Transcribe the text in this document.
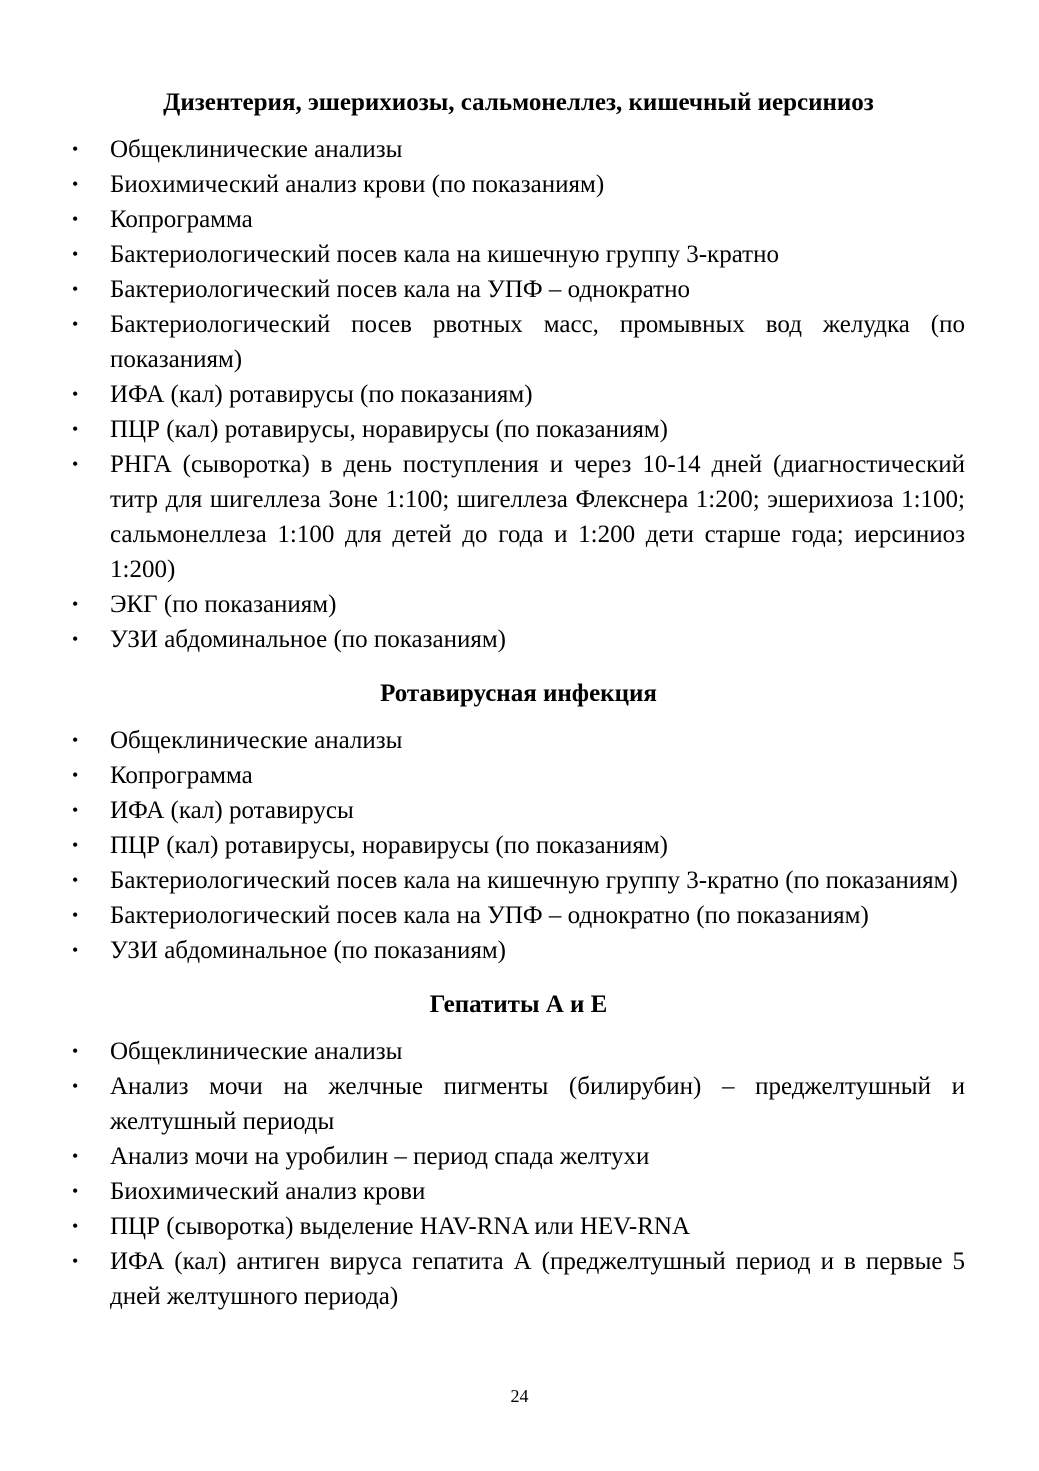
Дизентерия, эшерихиозы, сальмонеллез, кишечный иерсиниоз
• Общеклинические анализы
• Биохимический анализ крови (по показаниям)
• Копрограмма
• Бактериологический посев кала на кишечную группу 3-кратно
• Бактериологический посев кала на УПФ – однократно
• Бактериологический посев рвотных масс, промывных вод желудка (по показаниям)
• ИФА (кал) ротавирусы (по показаниям)
• ПЦР (кал) ротавирусы, норавирусы (по показаниям)
• РНГА (сыворотка) в день поступления и через 10-14 дней (диагностический титр для шигеллеза Зоне 1:100; шигеллеза Флекснера 1:200; эшерихиоза 1:100; сальмонеллеза 1:100 для детей до года и 1:200 дети старше года; иерсиниоз 1:200)
• ЭКГ (по показаниям)
• УЗИ абдоминальное (по показаниям)
Ротавирусная инфекция
• Общеклинические анализы
• Копрограмма
• ИФА (кал) ротавирусы
• ПЦР (кал) ротавирусы, норавирусы (по показаниям)
• Бактериологический посев кала на кишечную группу 3-кратно (по показаниям)
• Бактериологический посев кала на УПФ – однократно (по показаниям)
• УЗИ абдоминальное (по показаниям)
Гепатиты А и Е
• Общеклинические анализы
• Анализ мочи на желчные пигменты (билирубин) – преджелтушный и желтушный периоды
• Анализ мочи на уробилин – период спада желтухи
• Биохимический анализ крови
• ПЦР (сыворотка) выделение HAV-RNA или HEV-RNA
• ИФА (кал) антиген вируса гепатита А (преджелтушный период и в первые 5 дней желтушного периода)
24
